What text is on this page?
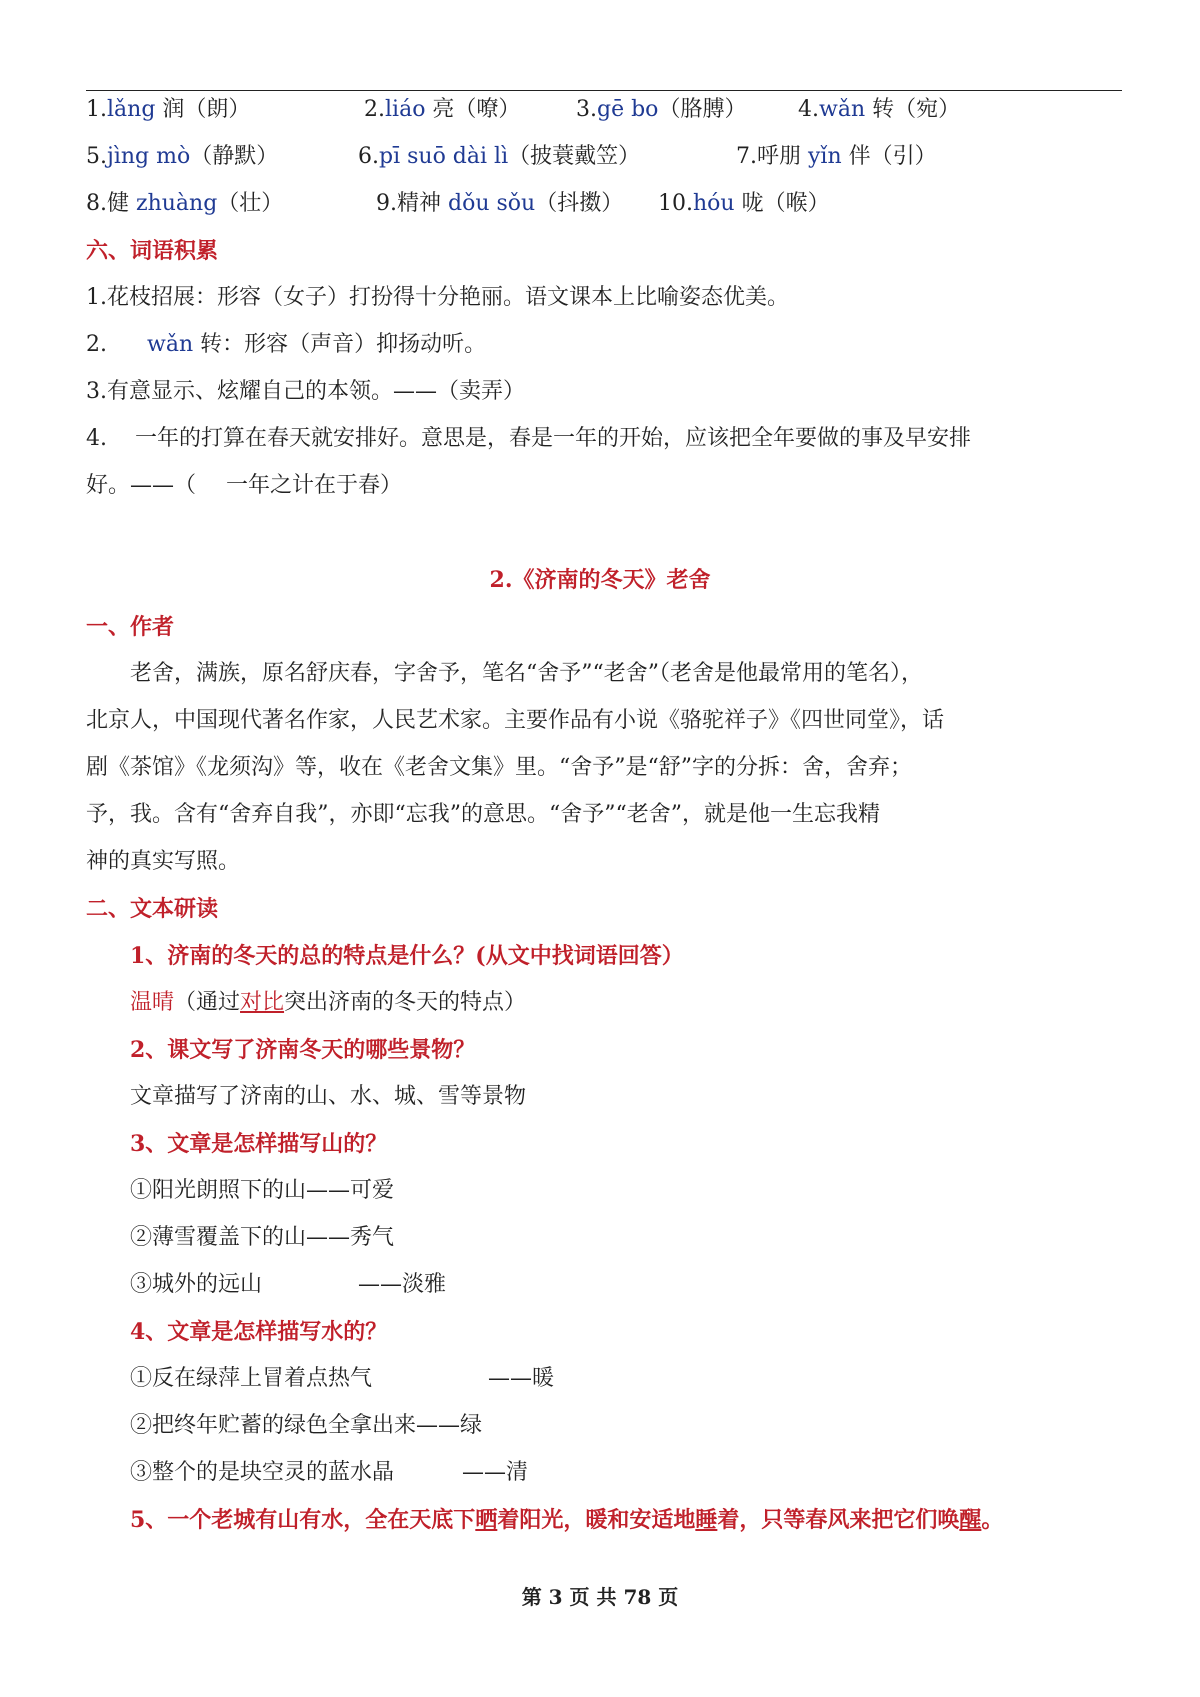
1.lǎng 润（朗）	2.liáo 亮（嘹）	3.gē bo（胳膊） 4.wǎn 转（宛）
5.jìng mò（静默）	6.pī suō dài lì（披蓑戴笠）	7.呼朋 yǐn 伴（引）
8.健 zhuàng（壮）	9.精神 dǒu sǒu（抖擞） 10.hóu 咙（喉）
六、词语积累
1.花枝招展：形容（女子）打扮得十分艳丽。语文课本上比喻姿态优美。
2. wǎn 转：形容（声音）抑扬动听。
3.有意显示、炫耀自己的本领。——（卖弄）
4. 一年的打算在春天就安排好。意思是，春是一年的开始，应该把全年要做的事及早安排
好。——（ 一年之计在于春）
2.《济南的冬天》老舍
一、作者
老舍，满族，原名舒庆春，字舍予，笔名“舍予”“老舍”（老舍是他最常用的笔名），
北京人，中国现代著名作家，人民艺术家。主要作品有小说《骆驼祥子》《四世同堂》，话
剧《茶馆》《龙须沟》等，收在《老舍文集》里。“舍予”是“舒”字的分拆：舍，舍弃；
予，我。含有“舍弃自我”，亦即“忘我”的意思。“舍予”“老舍”，就是他一生忘我精
神的真实写照。
二、文本研读
1、济南的冬天的总的特点是什么？(从文中找词语回答）
温晴（通过对比突出济南的冬天的特点）
2、课文写了济南冬天的哪些景物？
文章描写了济南的山、水、城、雪等景物
3、文章是怎样描写山的？
①阳光朗照下的山——可爱
②薄雪覆盖下的山——秀气
③城外的远山	——淡雅
4、文章是怎样描写水的？
①反在绿萍上冒着点热气	——暖
②把终年贮蓄的绿色全拿出来——绿
③整个的是块空灵的蓝水晶	——清
5、一个老城有山有水，全在天底下晒着阳光，暖和安适地睡着，只等春风来把它们唤醒。
第 3 页 共 78 页
